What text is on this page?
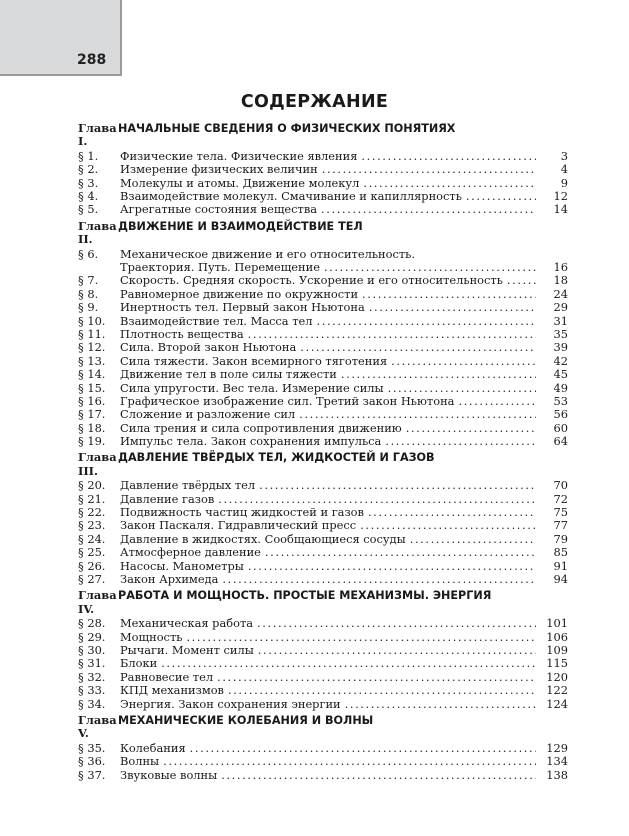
288
СОДЕРЖАНИЕ
Глава I.
НАЧАЛЬНЫЕ СВЕДЕНИЯ О ФИЗИЧЕСКИХ ПОНЯТИЯХ
§ 1.	Физические тела. Физические явления .....	3
§ 2.	Измерение физических величин .....	4
§ 3.	Молекулы и атомы. Движение молекул .....	9
§ 4.	Взаимодействие молекул. Смачивание и капиллярность .....	12
§ 5.	Агрегатные состояния вещества .....	14
Глава II.
ДВИЖЕНИЕ И ВЗАИМОДЕЙСТВИЕ ТЕЛ
§ 6.	Механическое движение и его относительность.
Траектория. Путь. Перемещение .....	16
§ 7.	Скорость. Средняя скорость. Ускорение и его относительность .....	18
§ 8.	Равномерное движение по окружности .....	24
§ 9.	Инертность тел. Первый закон Ньютона .....	29
§ 10.	Взаимодействие тел. Масса тел .....	31
§ 11.	Плотность вещества .....	35
§ 12.	Сила. Второй закон Ньютона .....	39
§ 13.	Сила тяжести. Закон всемирного тяготения .....	42
§ 14.	Движение тел в поле силы тяжести .....	45
§ 15.	Сила упругости. Вес тела. Измерение силы .....	49
§ 16.	Графическое изображение сил. Третий закон Ньютона .....	53
§ 17.	Сложение и разложение сил .....	56
§ 18.	Сила трения и сила сопротивления движению .....	60
§ 19.	Импульс тела. Закон сохранения импульса .....	64
Глава III.
ДАВЛЕНИЕ ТВЁРДЫХ ТЕЛ, ЖИДКОСТЕЙ И ГАЗОВ
§ 20.	Давление твёрдых тел .....	70
§ 21.	Давление газов .....	72
§ 22.	Подвижность частиц жидкостей и газов .....	75
§ 23.	Закон Паскаля. Гидравлический пресс .....	77
§ 24.	Давление в жидкостях. Сообщающиеся сосуды .....	79
§ 25.	Атмосферное давление .....	85
§ 26.	Насосы. Манометры .....	91
§ 27.	Закон Архимеда .....	94
Глава IV.
РАБОТА И МОЩНОСТЬ. ПРОСТЫЕ МЕХАНИЗМЫ. ЭНЕРГИЯ
§ 28.	Механическая работа .....	101
§ 29.	Мощность .....	106
§ 30.	Рычаги. Момент силы .....	109
§ 31.	Блоки .....	115
§ 32.	Равновесие тел .....	120
§ 33.	КПД механизмов .....	122
§ 34.	Энергия. Закон сохранения энергии .....	124
Глава V.
МЕХАНИЧЕСКИЕ КОЛЕБАНИЯ И ВОЛНЫ
§ 35.	Колебания .....	129
§ 36.	Волны .....	134
§ 37.	Звуковые волны .....	138
